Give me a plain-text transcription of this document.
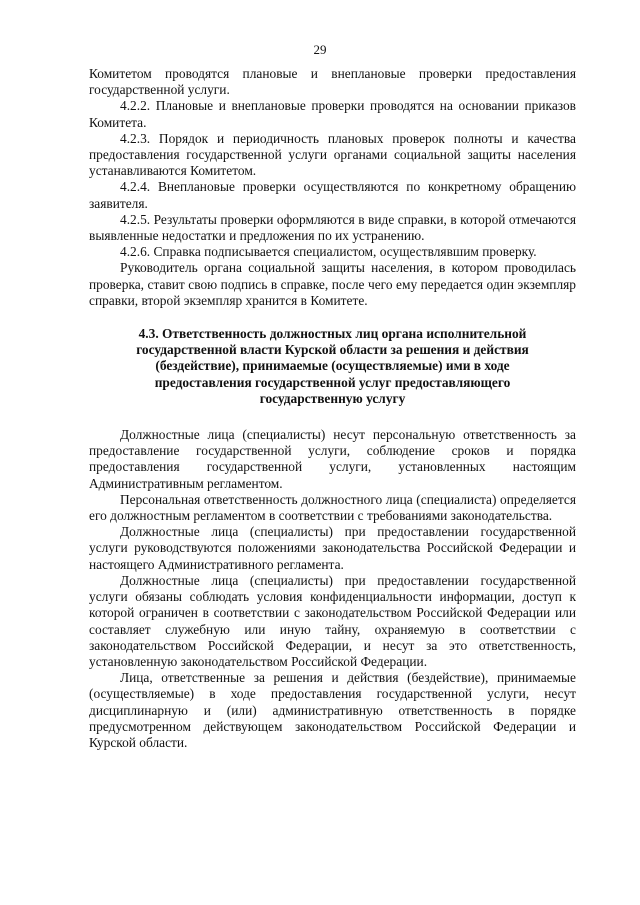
29

Комитетом проводятся плановые и внеплановые проверки предоставления государственной услуги.

4.2.2. Плановые и внеплановые проверки проводятся на основании приказов Комитета.

4.2.3. Порядок и периодичность плановых проверок полноты и качества предоставления государственной услуги органами социальной защиты населения устанавливаются Комитетом.

4.2.4. Внеплановые проверки осуществляются по конкретному обращению заявителя.

4.2.5. Результаты проверки оформляются в виде справки, в которой отмечаются выявленные недостатки и предложения по их устранению.

4.2.6. Справка подписывается специалистом, осуществлявшим проверку.

Руководитель органа социальной защиты населения, в котором проводилась проверка, ставит свою подпись в справке, после чего ему передается один экземпляр справки, второй экземпляр хранится в Комитете.

4.3. Ответственность должностных лиц органа исполнительной
государственной власти Курской области за решения и действия
(бездействие), принимаемые (осуществляемые) ими в ходе
предоставления государственной услуг предоставляющего
государственную услугу

Должностные лица (специалисты) несут персональную ответственность за предоставление государственной услуги, соблюдение сроков и порядка предоставления государственной услуги, установленных настоящим Административным регламентом.

Персональная ответственность должностного лица (специалиста) определяется его должностным регламентом в соответствии с требованиями законодательства.

Должностные лица (специалисты) при предоставлении государственной услуги руководствуются положениями законодательства Российской Федерации и настоящего Административного регламента.

Должностные лица (специалисты) при предоставлении государственной услуги обязаны соблюдать условия конфиденциальности информации, доступ к которой ограничен в соответствии с законодательством Российской Федерации или составляет служебную или иную тайну, охраняемую в соответствии с законодательством Российской Федерации, и несут за это ответственность, установленную законодательством Российской Федерации.

Лица, ответственные за решения и действия (бездействие), принимаемые (осуществляемые) в ходе предоставления государственной услуги, несут дисциплинарную и (или) административную ответственность в порядке предусмотренном действующем законодательством Российской Федерации и Курской области.
